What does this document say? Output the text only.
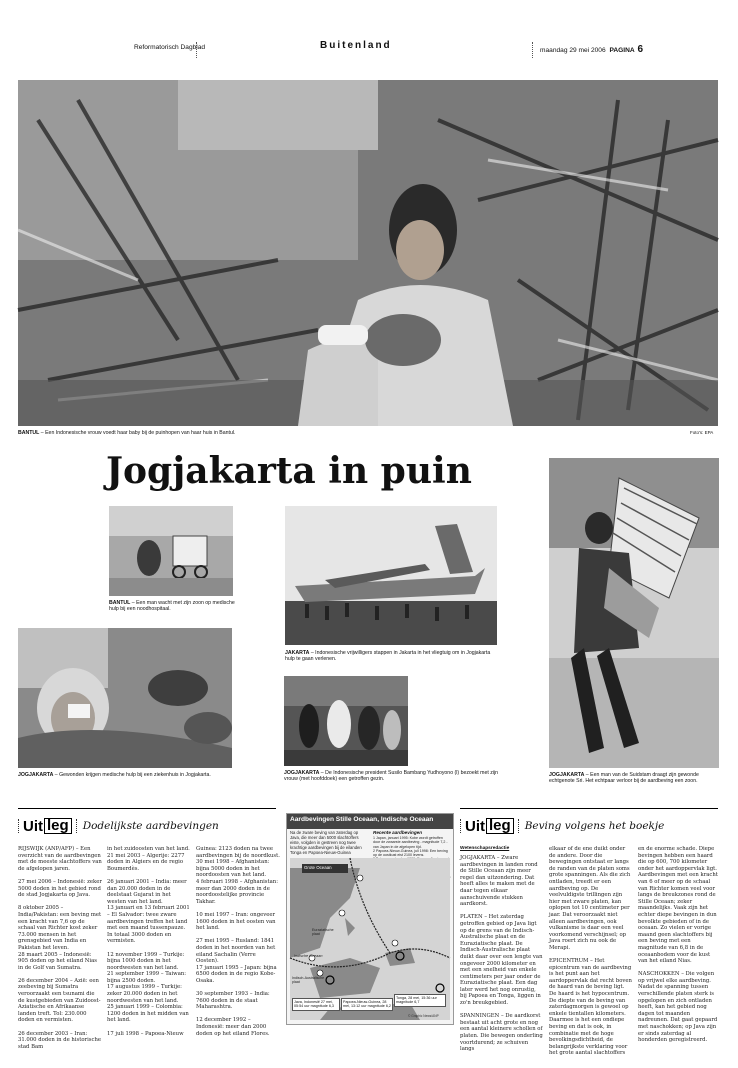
Reformatorisch Dagblad	Buitenland	maandag 29 mei 2006 PAGINA 6
BANTUL – Een Indonesische vrouw voedt haar baby bij de puinhopen van haar huis in Bantul.	Foto's: EPA
Jogjakarta in puin
BANTUL – Een man wacht met zijn zoon op medische hulp bij een noodhospitaal.
JAKARTA – Indonesische vrijwilligers stappen in Jakarta in het vliegtuig om in Jogjakarta hulp te gaan verlenen.
JOGJAKARTA – Gewonden krijgen medische hulp bij een ziekenhuis in Jogjakarta.	JOGJAKARTA – De Indonesische president Susilo Bambang Yudhoyono (l) bezoekt met zijn vrouw (met hoofddoek) een getroffen gezin.
JOGJAKARTA – Een man van de Suidstam draagt zijn gewonde echtgenote Sri. Het echtpaar verloor bij de aardbeving een zoon.
Uit leg Dodelijkste aardbevingen
RIJSWIJK (ANP/AFP) – Een overzicht van de aardbevingen met de meeste slachtoffers van de afgelopen jaren.

27 mei 2006 – Indonesië: zeker 5000 doden in het gebied rond de stad Jogjakarta op Java.

8 oktober 2005 – India/Pakistan: een beving met een kracht van 7,6 op de schaal van Richter kost zeker 73.000 mensen in het grensgebied van India en Pakistan het leven.
28 maart 2005 – Indonesië: 905 doden op het eiland Nias in de Golf van Sumatra.

26 december 2004 – Azië: een zeebeving bij Sumatra veroorzaakt een tsunami die de kustgebieden van Zuidoost-Aziatische en Afrikaanse landen treft. Tol: 230.000 doden en vermisten.

26 december 2003 – Iran: 31.000 doden in de historische stad Bam
in het zuidoosten van het land.
21 mei 2003 – Algerije: 2277 doden in Algiers en de regio Boumerdès.

26 januari 2001 – India: meer dan 20.000 doden in de deelstaat Gujarat in het westen van het land.
13 januari en 13 februari 2001 – El Salvador: twee zware aardbevingen treffen het land met een maand tussenpauze. In totaal 3000 doden en vermisten.

12 november 1999 – Turkije: bijna 1000 doden in het noordwesten van het land.
21 september 1999 – Taiwan: bijna 2500 doden.
17 augustus 1999 – Turkije: zeker 20.000 doden in het noordwesten van het land.
25 januari 1999 – Colombia: 1200 doden in het midden van het land.

17 juli 1998 – Papoea-Nieuw
Guinea: 2123 doden na twee aardbevingen bij de noordkust.
30 mei 1998 – Afghanistan: bijna 5000 doden in het noordoosten van het land.
4 februari 1998 – Afghanistan: meer dan 2000 doden in de noordoostelijke provincie Takhar.

10 mei 1997 – Iran: ongeveer 1600 doden in het oosten van het land.

27 mei 1995 – Rusland: 1841 doden in het noorden van het eiland Sachalin (Verre Oosten).
17 januari 1995 – Japan: bijna 6500 doden in de regio Kobe-Osaka.

30 september 1993 – India: 7600 doden in de staat Maharashtra.

12 december 1992 – Indonesië: meer dan 2000 doden op het eiland Flores.
Aardbevingen Stille Oceaan, Indische Oceaan
Na de zware beving van zaterdag op Java, die meer dan 5000 slachtoffers eiste, volgden in gestreen nog twee krachtige aardbevingen bij de eilanden Tonga en Papoea-Nieuw-Guinea
Recente aardbevingen
1 Japan, januari 1995: Kobe wordt getroffen door de zwaarste aardbeving - magnitude 7,2 - van Japan in de afgelopen tijd.
2 Papoea-Nieuw-Guinea, juli 1998: Een beving op de oostkust eist 2100 levens.

Grote Oceaan
Indische Oceaan
Indisch-Australische plaat
Euraziatische plaat
Java, Indonesië 27 mei, 05:54 uur magnitude 6,3
Papoea-Nieuw-Guinea, 28 mei, 13:12 uur magnitude 6,2
Tonga, 28 mei, 15:36 uur magnitude 6,7
© Graphic News/ANP
Uit leg Beving volgens het boekje
Wetenschapsredactie
JOGJAKARTA – Zware aardbevingen in landen rond de Stille Oceaan zijn meer regel dan uitzondering. Dat heeft alles te maken met de daar tegen elkaar aanschuivende stukken aardkorst.

PLATEN – Het zaterdag getroffen gebied op Java ligt op de grens van de Indisch-Australische plaat en de Euraziatische plaat. De Indisch-Australische plaat duikt daar over een lengte van ongeveer 2000 kilometer en met een snelheid van enkele centimeters per jaar onder de Euraziatische plaat. Een dag later werd het nog onrustig, bij Papoea en Tonga, liggen in zo'n breukgebied.

SPANNINGEN – De aardkorst bestaat uit acht grote en nog een aantal kleinere schollen of platen. Die bewegen onderling voortdurend; ze schuiven langs
elkaar of de ene duikt onder de andere. Door die bewegingen ontstaat er langs de randen van de platen soms grote spanningen. Als die zich ontladen, treedt er een aardbeving op. De veelvuldigste trillingen zijn hier met zware platen, kan oplopen tot 10 centimeter per jaar. Dat veroorzaakt niet alleen aardbevingen, ook vulkanisme is daar een veel voorkomend verschijnsel; op Java roert zich nu ook de Merapi.

EPICENTRUM – Het epicentrum van de aardbeving is het punt aan het aardoppervlak dat recht boven de haard van de beving ligt. De haard is het hypocentrum. De diepte van de beving van zaterdagmorgen is gewoel op enkele tientallen kilometers. Daarmee is het een ondiepe beving en dat is ook, in combinatie met de hoge bevolkingsdichtheid, de belangrijkste verklaring voor het grote aantal slachtoffers
en de enorme schade. Diepe bevingen hebben een haard die op 600, 700 kilometer onder het aardoppervlak ligt.
Aardbevingen met een kracht van 6 of meer op de schaal van Richter komen veel voor langs de breukzones rond de Stille Oceaan; zeker maandelijks. Vaak zijn het echter diepe bevingen in dun bevolkte gebieden of in de oceaan. Zo vielen er vorige maand geen slachtoffers bij een beving met een magnitude van 6,8 in de oceaanbodem voor de kust van het eiland Nias.

NASCHOKKEN – Die volgen op vrijwel elke aardbeving. Nadat de spanning tussen verschillende platen sterk is opgelopen en zich ontladen heeft, kan het gebied nog dagen tot maanden nadreunen. Dat gaat gepaard met naschokken; op Java zijn er sinds zaterdag al honderden geregistreerd.
